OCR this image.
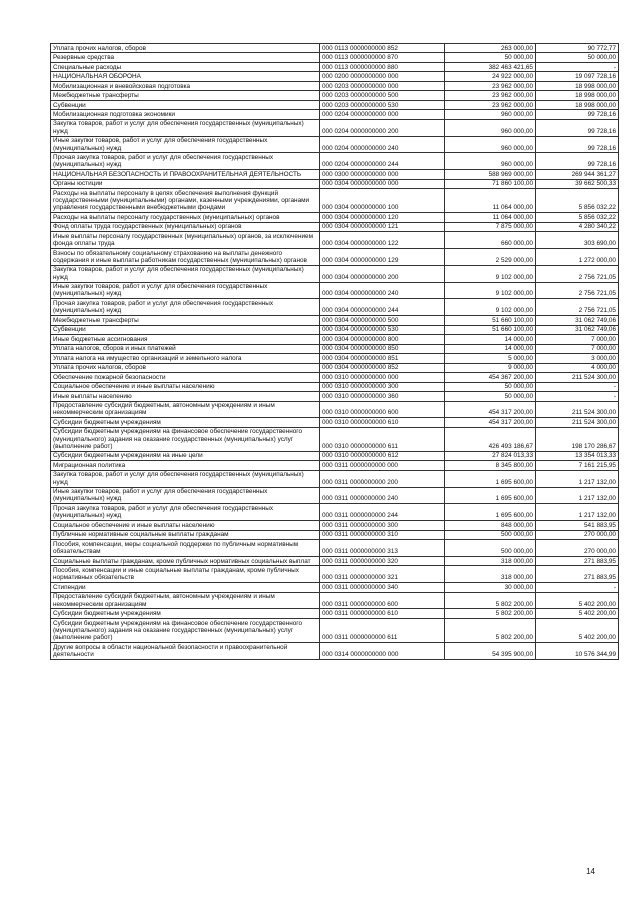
Уплата прочих налогов, сборов	000 0113 0000000000 852	263 000,00	90 772,77
Резервные средства	000 0113 0000000000 870	50 000,00	50 000,00
Специальные расходы	000 0113 0000000000 880	382 463 421,65	-
НАЦИОНАЛЬНАЯ ОБОРОНА	000 0200 0000000000 000	24 922 000,00	19 097 728,16
Мобилизационная и вневойсковая подготовка	000 0203 0000000000 000	23 962 000,00	18 998 000,00
Межбюджетные трансферты	000 0203 0000000000 500	23 962 000,00	18 998 000,00
Субвенции	000 0203 0000000000 530	23 962 000,00	18 998 000,00
Мобилизационная подготовка экономики	000 0204 0000000000 000	960 000,00	99 728,16
Закупка товаров, работ и услуг для обеспечения государственных (муниципальных) нужд	000 0204 0000000000 200	960 000,00	99 728,16
Иные закупки товаров, работ и услуг для обеспечения государственных (муниципальных) нужд	000 0204 0000000000 240	960 000,00	99 728,16
Прочая закупка товаров, работ и услуг для обеспечения государственных (муниципальных) нужд	000 0204 0000000000 244	960 000,00	99 728,16
НАЦИОНАЛЬНАЯ БЕЗОПАСНОСТЬ И ПРАВООХРАНИТЕЛЬНАЯ ДЕЯТЕЛЬНОСТЬ	000 0300 0000000000 000	588 969 000,00	269 944 361,27
Органы юстиции	000 0304 0000000000 000	71 860 100,00	39 662 500,33
Расходы на выплаты персоналу в целях обеспечения выполнения функций государственными (муниципальными) органами, казенными учреждениями, органами управления государственными внебюджетными фондами	000 0304 0000000000 100	11 064 000,00	5 856 032,22
Расходы на выплаты персоналу государственных (муниципальных) органов	000 0304 0000000000 120	11 064 000,00	5 856 032,22
Фонд оплаты труда государственных (муниципальных) органов	000 0304 0000000000 121	7 875 000,00	4 280 340,22
Иные выплаты персоналу государственных (муниципальных) органов, за исключением фонда оплаты труда	000 0304 0000000000 122	660 000,00	303 690,00
Взносы по обязательному социальному страхованию на выплаты денежного содержания и иные выплаты работникам государственных (муниципальных) органов	000 0304 0000000000 129	2 529 000,00	1 272 000,00
Закупка товаров, работ и услуг для обеспечения государственных (муниципальных) нужд	000 0304 0000000000 200	9 102 000,00	2 756 721,05
Иные закупки товаров, работ и услуг для обеспечения государственных (муниципальных) нужд	000 0304 0000000000 240	9 102 000,00	2 756 721,05
Прочая закупка товаров, работ и услуг для обеспечения государственных (муниципальных) нужд	000 0304 0000000000 244	9 102 000,00	2 756 721,05
Межбюджетные трансферты	000 0304 0000000000 500	51 660 100,00	31 062 749,06
Субвенции	000 0304 0000000000 530	51 660 100,00	31 062 749,06
Иные бюджетные ассигнования	000 0304 0000000000 800	14 000,00	7 000,00
Уплата налогов, сборов и иных платежей	000 0304 0000000000 850	14 000,00	7 000,00
Уплата налога на имущество организаций и земельного налога	000 0304 0000000000 851	5 000,00	3 000,00
Уплата прочих налогов, сборов	000 0304 0000000000 852	9 000,00	4 000,00
Обеспечение пожарной безопасности	000 0310 0000000000 000	454 367 200,00	211 524 300,00
Социальное обеспечение и иные выплаты населению	000 0310 0000000000 300	50 000,00	-
Иные выплаты населению	000 0310 0000000000 360	50 000,00	-
Предоставление субсидий бюджетным, автономным учреждениям и иным некоммерческим организациям	000 0310 0000000000 600	454 317 200,00	211 524 300,00
Субсидии бюджетным учреждениям	000 0310 0000000000 610	454 317 200,00	211 524 300,00
Субсидии бюджетным учреждениям на финансовое обеспечение государственного (муниципального) задания на оказание государственных (муниципальных) услуг (выполнение работ)	000 0310 0000000000 611	426 493 186,67	198 170 286,67
Субсидии бюджетным учреждениям на иные цели	000 0310 0000000000 612	27 824 013,33	13 354 013,33
Миграционная политика	000 0311 0000000000 000	8 345 800,00	7 161 215,95
Закупка товаров, работ и услуг для обеспечения государственных (муниципальных) нужд	000 0311 0000000000 200	1 695 600,00	1 217 132,00
Иные закупки товаров, работ и услуг для обеспечения государственных (муниципальных) нужд	000 0311 0000000000 240	1 695 600,00	1 217 132,00
Прочая закупка товаров, работ и услуг для обеспечения государственных (муниципальных) нужд	000 0311 0000000000 244	1 695 600,00	1 217 132,00
Социальное обеспечение и иные выплаты населению	000 0311 0000000000 300	848 000,00	541 883,95
Публичные нормативные социальные выплаты гражданам	000 0311 0000000000 310	500 000,00	270 000,00
Пособия, компенсации, меры социальной поддержки по публичным нормативным обязательствам	000 0311 0000000000 313	500 000,00	270 000,00
Социальные выплаты гражданам, кроме публичных нормативных социальных выплат	000 0311 0000000000 320	318 000,00	271 883,95
Пособия, компенсации и иные социальные выплаты гражданам, кроме публичных нормативных обязательств	000 0311 0000000000 321	318 000,00	271 883,95
Стипендии	000 0311 0000000000 340	30 000,00	-
Предоставление субсидий бюджетным, автономным учреждениям и иным некоммерческим организациям	000 0311 0000000000 600	5 802 200,00	5 402 200,00
Субсидии бюджетным учреждениям	000 0311 0000000000 610	5 802 200,00	5 402 200,00
Субсидии бюджетным учреждениям на финансовое обеспечение государственного (муниципального) задания на оказание государственных (муниципальных) услуг (выполнение работ)	000 0311 0000000000 611	5 802 200,00	5 402 200,00
Другие вопросы в области национальной безопасности и правоохранительной деятельности	000 0314 0000000000 000	54 395 900,00	10 576 344,99
14
